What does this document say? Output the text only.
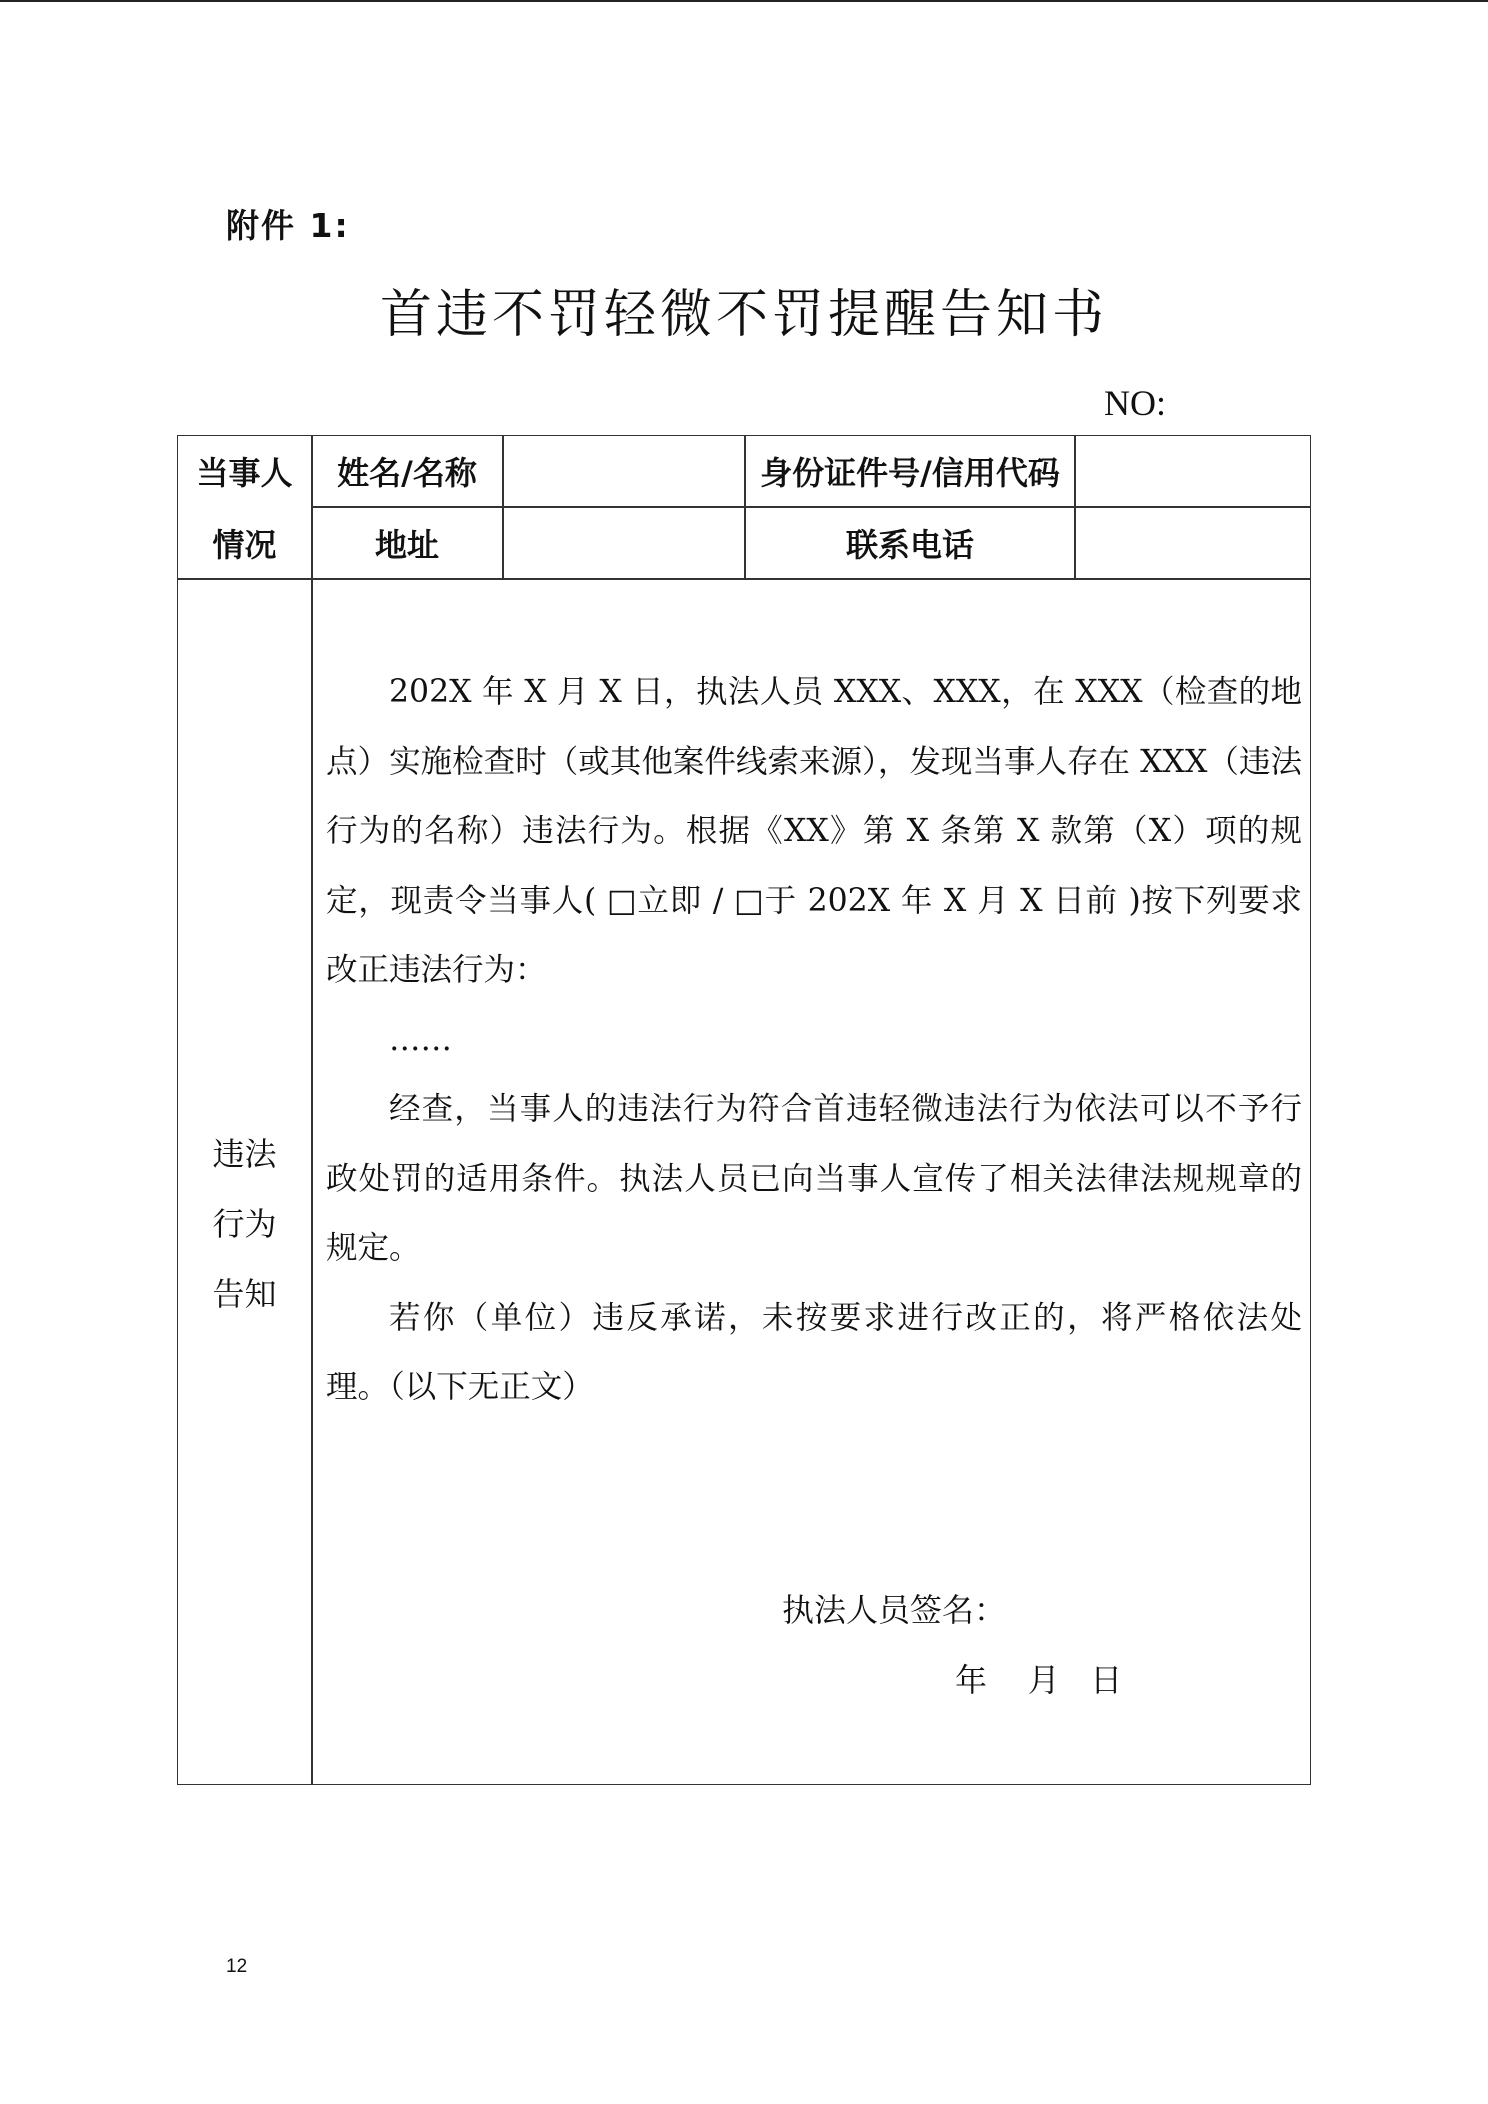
附件 1:
首违不罚轻微不罚提醒告知书
NO:
当事人
情况
姓名/名称	身份证件号/信用代码
地址	联系电话
违法
行为
告知

202X 年 X 月 X 日，执法人员 XXX、XXX，在 XXX（检查的地点）实施检查时（或其他案件线索来源），发现当事人存在 XXX（违法行为的名称）违法行为。根据《XX》第 X 条第 X 款第（X）项的规定，现责令当事人( □立即 / □于 202X 年 X 月 X 日前 )按下列要求改正违法行为：

……

经查，当事人的违法行为符合首违轻微违法行为依法可以不予行政处罚的适用条件。执法人员已向当事人宣传了相关法律法规规章的规定。

若你（单位）违反承诺，未按要求进行改正的，将严格依法处理。（以下无正文）

执法人员签名：
年    月   日
12
